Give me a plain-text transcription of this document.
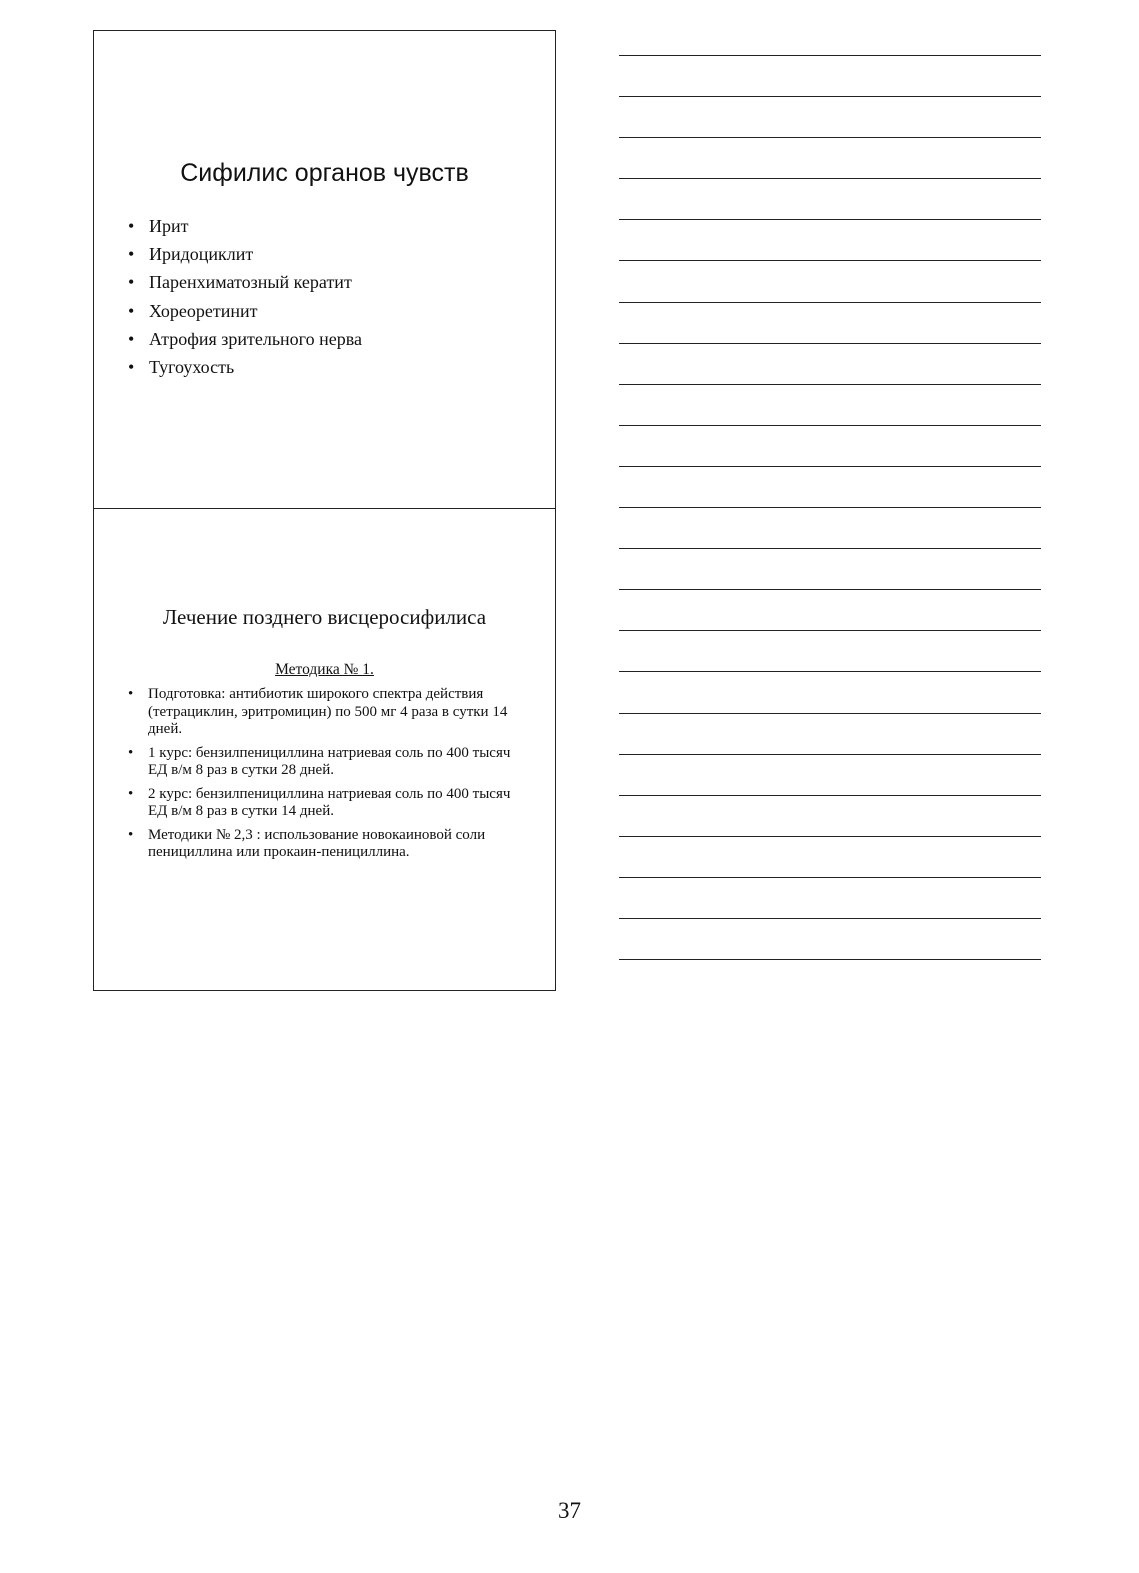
Сифилис органов чувств
• Ирит
• Иридоциклит
• Паренхиматозный кератит
• Хореоретинит
• Атрофия зрительного нерва
• Тугоухость
Лечение позднего висцеросифилиса
Методика № 1.
• Подготовка: антибиотик широкого спектра действия (тетрациклин, эритромицин) по 500 мг 4 раза в сутки 14 дней.
• 1 курс: бензилпенициллина натриевая соль по 400 тысяч ЕД в/м 8 раз в сутки 28 дней.
• 2 курс: бензилпенициллина натриевая соль по 400 тысяч ЕД в/м 8 раз в сутки 14 дней.
• Методики № 2,3 : использование новокаиновой соли пенициллина или прокаин-пенициллина.
37
